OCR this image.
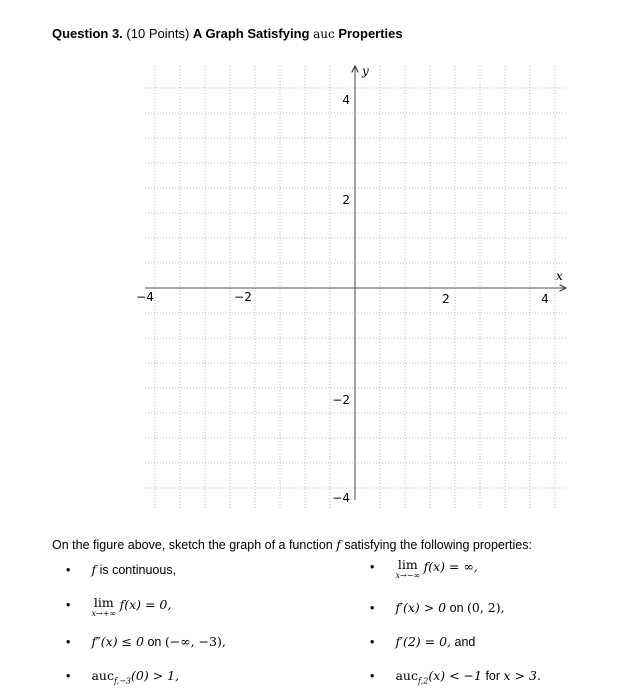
Question 3. (10 Points) A Graph Satisfying auc Properties
x
y
−4	−2	2	4
4
2
−2
−4
On the figure above, sketch the graph of a function f satisfying the following properties:
• f is continuous,
• lim
x→+∞
f(x) = 0,
• f″(x) ≤ 0 on (−∞, −3),
• auc$_{f,-3}$(0) > 1,
• lim
x→−∞
f(x) = ∞,
• f′(x) > 0 on (0, 2),
• f′(2) = 0, and
• auc$_{f,2}$(x) < −1 for x > 3.
